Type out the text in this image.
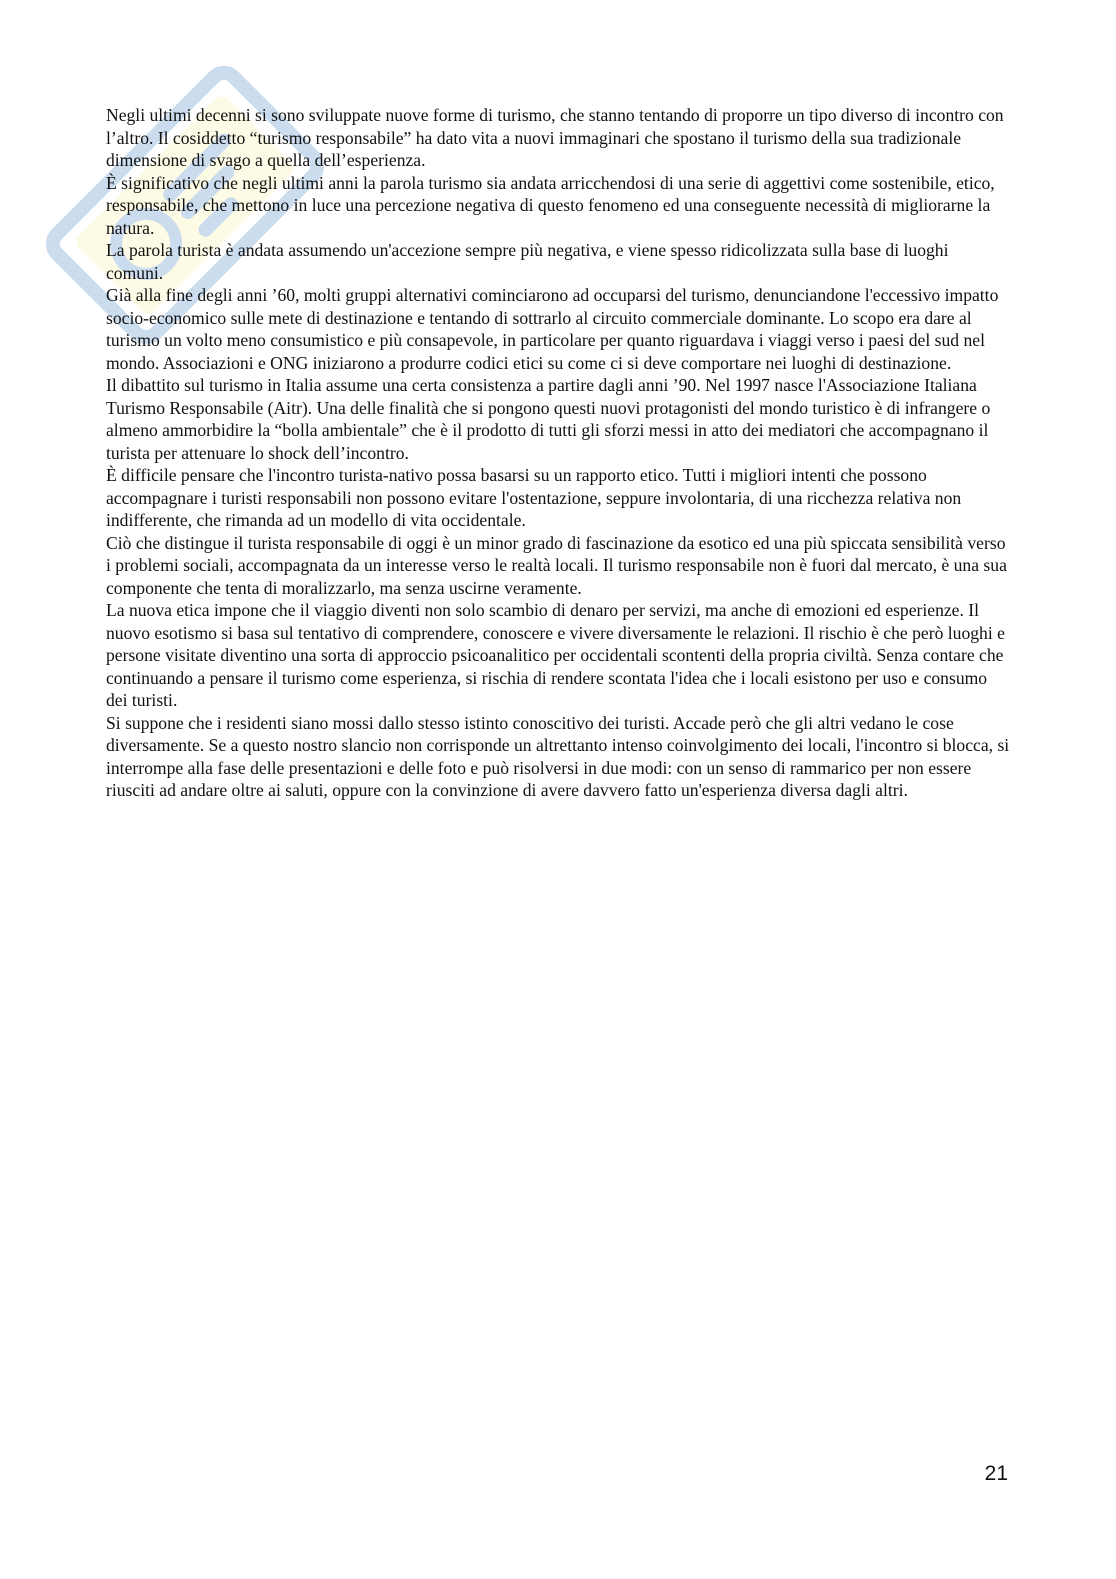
Negli ultimi decenni si sono sviluppate nuove forme di turismo, che stanno tentando di proporre un tipo diverso di incontro con l’altro. Il cosiddetto “turismo responsabile” ha dato vita a nuovi immaginari che spostano il turismo della sua tradizionale dimensione di svago a quella dell’esperienza.

È significativo che negli ultimi anni la parola turismo sia andata arricchendosi di una serie di aggettivi come sostenibile, etico, responsabile, che mettono in luce una percezione negativa di questo fenomeno ed una conseguente necessità di migliorarne la natura.

La parola turista è andata assumendo un'accezione sempre più negativa, e viene spesso ridicolizzata sulla base di luoghi comuni.

Già alla fine degli anni ’60, molti gruppi alternativi cominciarono ad occuparsi del turismo, denunciandone l'eccessivo impatto socio-economico sulle mete di destinazione e tentando di sottrarlo al circuito commerciale dominante. Lo scopo era dare al turismo un volto meno consumistico e più consapevole, in particolare per quanto riguardava i viaggi verso i paesi del sud nel mondo. Associazioni e ONG iniziarono a produrre codici etici su come ci si deve comportare nei luoghi di destinazione.

Il dibattito sul turismo in Italia assume una certa consistenza a partire dagli anni ’90. Nel 1997 nasce l'Associazione Italiana Turismo Responsabile (Aitr). Una delle finalità che si pongono questi nuovi protagonisti del mondo turistico è di infrangere o almeno ammorbidire la “bolla ambientale” che è il prodotto di tutti gli sforzi messi in atto dei mediatori che accompagnano il turista per attenuare lo shock dell’incontro.

È difficile pensare che l'incontro turista-nativo possa basarsi su un rapporto etico. Tutti i migliori intenti che possono accompagnare i turisti responsabili non possono evitare l'ostentazione, seppure involontaria, di una ricchezza relativa non indifferente, che rimanda ad un modello di vita occidentale.

Ciò che distingue il turista responsabile di oggi è un minor grado di fascinazione da esotico ed una più spiccata sensibilità verso i problemi sociali, accompagnata da un interesse verso le realtà locali. Il turismo responsabile non è fuori dal mercato, è una sua componente che tenta di moralizzarlo, ma senza uscirne veramente.

La nuova etica impone che il viaggio diventi non solo scambio di denaro per servizi, ma anche di emozioni ed esperienze. Il nuovo esotismo si basa sul tentativo di comprendere, conoscere e vivere diversamente le relazioni. Il rischio è che però luoghi e persone visitate diventino una sorta di approccio psicoanalitico per occidentali scontenti della propria civiltà. Senza contare che continuando a pensare il turismo come esperienza, si rischia di rendere scontata l'idea che i locali esistono per uso e consumo dei turisti.

Si suppone che i residenti siano mossi dallo stesso istinto conoscitivo dei turisti. Accade però che gli altri vedano le cose diversamente. Se a questo nostro slancio non corrisponde un altrettanto intenso coinvolgimento dei locali, l'incontro si blocca, si interrompe alla fase delle presentazioni e delle foto e può risolversi in due modi: con un senso di rammarico per non essere riusciti ad andare oltre ai saluti, oppure con la convinzione di avere davvero fatto un'esperienza diversa dagli altri.

21
